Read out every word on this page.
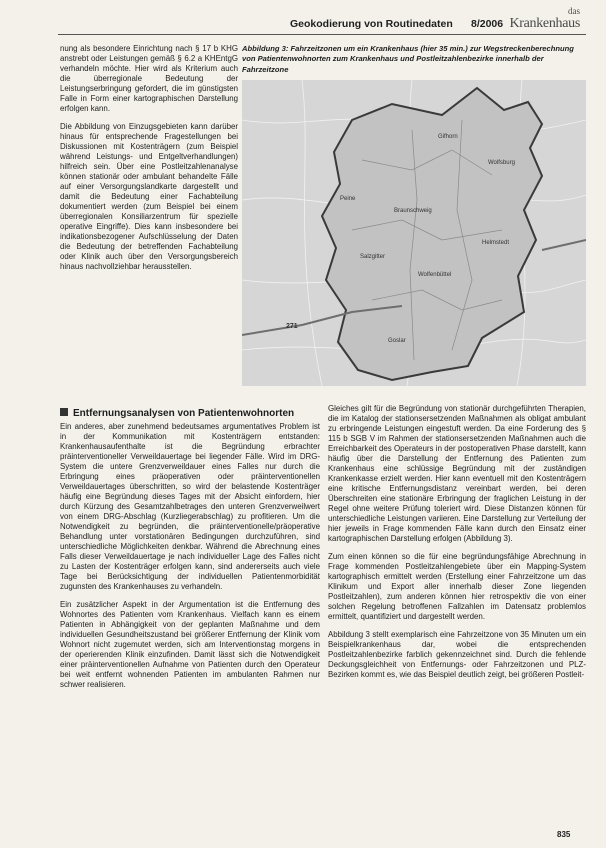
Geokodierung von Routinedaten 8/2006
das
Krankenhaus

nung als besondere Einrichtung nach § 17 b KHG anstrebt oder Leistungen gemäß § 6.2 a KHEntgG verhandeln möchte. Hier wird als Kriterium auch die überregionale Bedeutung der Leistungserbringung gefordert, die im günstigsten Falle in Form einer kartographischen Darstellung erfolgen kann.

Die Abbildung von Einzugsgebieten kann darüber hinaus für entsprechende Fragestellungen bei Diskussionen mit Kostenträgern (zum Beispiel während Leistungs- und Entgeltverhandlungen) hilfreich sein. Über eine Postleitzahlenanalyse können stationär oder ambulant behandelte Fälle auf einer Versorgungslandkarte dargestellt und damit die Bedeutung einer Fachabteilung dokumentiert werden (zum Beispiel bei einem überregionalen Konsiliarzentrum für spezielle operative Eingriffe). Dies kann insbesondere bei indikationsbezogener Aufschlüsselung der Daten die Bedeutung der betreffenden Fachabteilung oder Klinik auch über den Versorgungsbereich hinaus nachvollziehbar herausstellen.

Abbildung 3: Fahrzeitzonen um ein Krankenhaus (hier 35 min.) zur Wegstreckenberechnung von Patientenwohnorten zum Krankenhaus und Postleitzahlenbezirke innerhalb der Fahrzeitzone
Gifhorn
Wolfsburg
Braunschweig
Salzgitter
Helmstedt
Wolfenbüttel
Peine
Goslar
271
Entfernungsanalysen von Patientenwohnorten

Ein anderes, aber zunehmend bedeutsames argumentatives Problem ist in der Kommunikation mit Kostenträgern entstanden: Krankenhausaufenthalte ist die Begründung erbrachter präinterventioneller Verweildauertage bei liegender Fälle. Wird im DRG-System die untere Grenzverweildauer eines Falles nur durch die Erbringung eines präoperativen oder präinterventionellen Verweildauertages überschritten, so wird der belastende Kostenträger häufig eine Begründung dieses Tages mit der Absicht einfordern, hier durch Kürzung des Gesamtzahlbetrages den unteren Grenzverweilwert von einem DRG-Abschlag (Kurzliegerabschlag) zu profitieren. Um die Notwendigkeit zu begründen, die präinterventionelle/präoperative Behandlung unter vorstationären Bedingungen durchzuführen, sind unterschiedliche Möglichkeiten denkbar. Während die Abrechnung eines Falls dieser Verweildauertage je nach individueller Lage des Falles nicht zu Lasten der Kostenträger erfolgen kann, sind andererseits auch viele Tage bei Berücksichtigung der individuellen Patientenmorbidität zugunsten des Krankenhauses zu verhandeln.

Ein zusätzlicher Aspekt in der Argumentation ist die Entfernung des Wohnortes des Patienten vom Krankenhaus. Vielfach kann es einem Patienten in Abhängigkeit von der geplanten Maßnahme und dem individuellen Gesundheitszustand bei größerer Entfernung der Klinik vom Wohnort nicht zugemutet werden, sich am Interventionstag morgens in der operierenden Klinik einzufinden. Damit lässt sich die Notwendigkeit einer präinterventionellen Aufnahme von Patienten durch den Operateur bei weit entfernt wohnenden Patienten im ambulanten Rahmen nur schwer realisieren.

Gleiches gilt für die Begründung von stationär durchgeführten Therapien, die im Katalog der stationsersetzenden Maßnahmen als obligat ambulant zu erbringende Leistungen eingestuft werden. Da eine Forderung des § 115 b SGB V im Rahmen der stationsersetzenden Maßnahmen auch die Erreichbarkeit des Operateurs in der postoperativen Phase darstellt, kann häufig über die Darstellung der Entfernung des Patienten zum Krankenhaus eine schlüssige Begründung mit der zuständigen Krankenkasse erzielt werden. Hier kann eventuell mit den Kostenträgern eine kritische Entfernungsdistanz vereinbart werden, bei deren Überschreiten eine stationäre Erbringung der fraglichen Leistung in der Regel ohne weitere Prüfung toleriert wird. Diese Distanzen können für unterschiedliche Leistungen variieren. Eine Darstellung zur Verteilung der hier jeweils in Frage kommenden Fälle kann durch den Einsatz einer kartographischen Darstellung erfolgen (Abbildung 3).

Zum einen können so die für eine begründungsfähige Abrechnung in Frage kommenden Postleitzahlengebiete über ein Mapping-System kartographisch ermittelt werden (Erstellung einer Fahrzeitzone um das Klinikum und Export aller innerhalb dieser Zone liegenden Postleitzahlen), zum anderen können hier retrospektiv die von einer solchen Regelung betroffenen Fallzahlen im Datensatz problemlos ermittelt, quantifiziert und dargestellt werden.

Abbildung 3 stellt exemplarisch eine Fahrzeitzone von 35 Minuten um ein Beispielkrankenhaus dar, wobei die entsprechenden Postleitzahlenbezirke farblich gekennzeichnet sind. Durch die fehlende Deckungsgleichheit von Entfernungs- oder Fahrzeitzonen und PLZ-Bezirken kommt es, wie das Beispiel deutlich zeigt, bei größeren Postleit-

835
